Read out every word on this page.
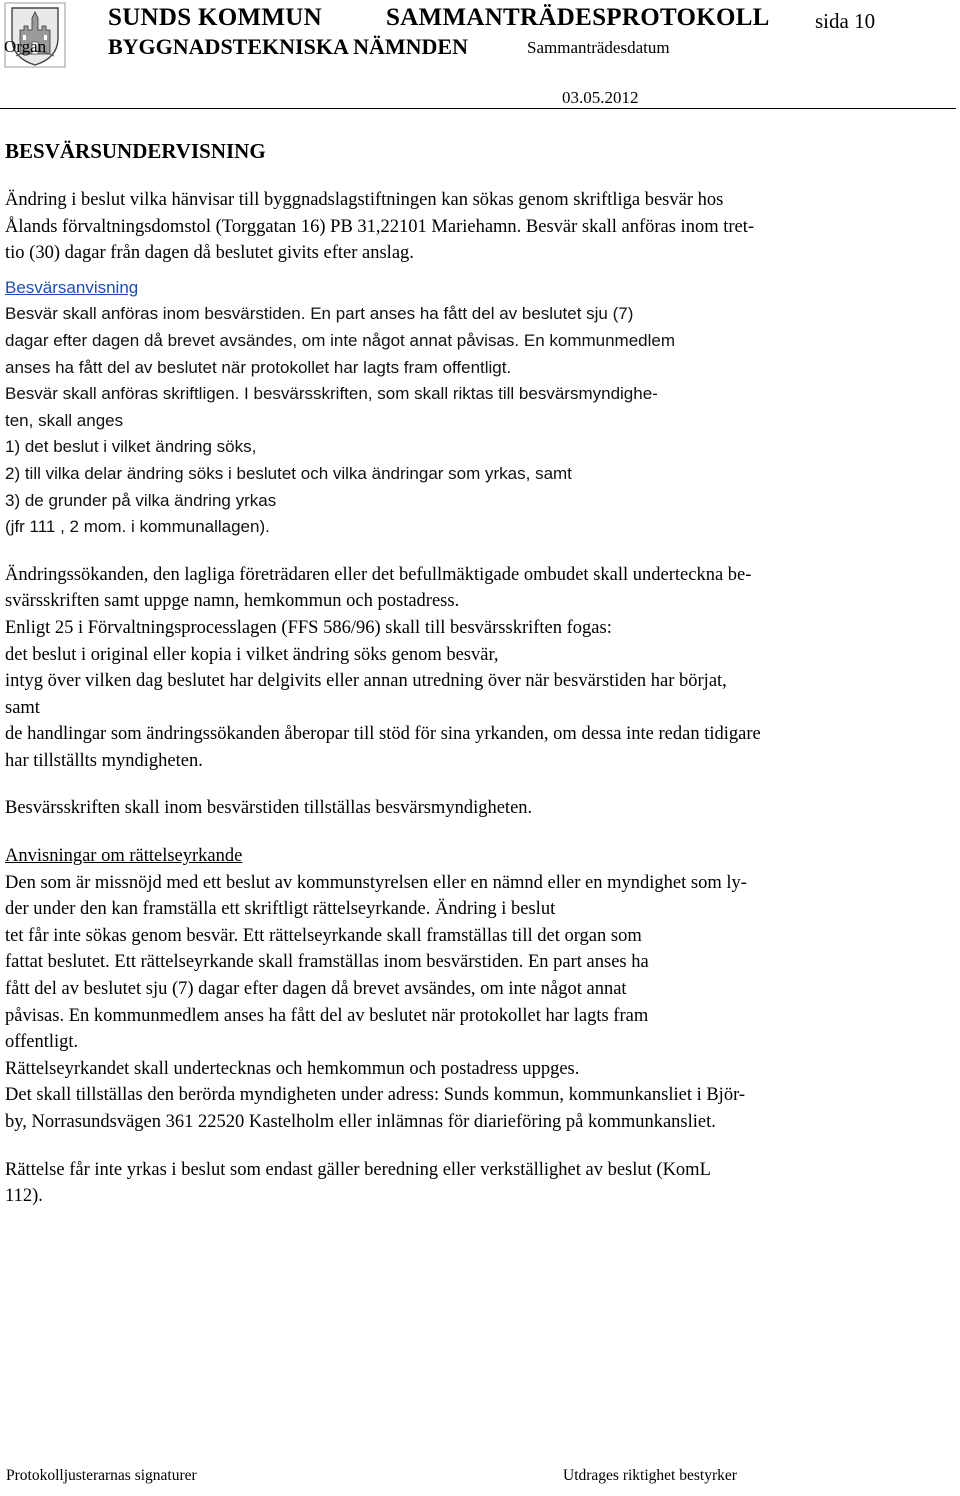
SUNDS KOMMUN	SAMMANTRÄDESPROTOKOLL sida 10
Organ	BYGGNADSTEKNISKA NÄMNDEN	Sammanträdesdatum
03.05.2012
BESVÄRSUNDERVISNING
Ändring i beslut vilka hänvisar till byggnadslagstiftningen kan sökas genom skriftliga besvär hos
Ålands förvaltningsdomstol (Torggatan 16) PB 31,22101 Mariehamn. Besvär skall anföras inom tret-
tio (30) dagar från dagen då beslutet givits efter anslag.
Besvärsanvisning
Besvär skall anföras inom besvärstiden. En part anses ha fått del av beslutet sju (7)
dagar efter dagen då brevet avsändes, om inte något annat påvisas. En kommunmedlem
anses ha fått del av beslutet när protokollet har lagts fram offentligt.
Besvär skall anföras skriftligen. I besvärsskriften, som skall riktas till besvärsmyndighe-
ten, skall anges
1) det beslut i vilket ändring söks,
2) till vilka delar ändring söks i beslutet och vilka ändringar som yrkas, samt
3) de grunder på vilka ändring yrkas
(jfr 111 , 2 mom. i kommunallagen).
Ändringssökanden, den lagliga företrädaren eller det befullmäktigade ombudet skall underteckna be-
svärsskriften samt uppge namn, hemkommun och postadress.
Enligt 25 i Förvaltningsprocesslagen (FFS 586/96) skall till besvärsskriften fogas:
det beslut i original eller kopia i vilket ändring söks genom besvär,
intyg över vilken dag beslutet har delgivits eller annan utredning över när besvärstiden har börjat,
samt
de handlingar som ändringssökanden åberopar till stöd för sina yrkanden, om dessa inte redan tidigare
har tillställts myndigheten.
Besvärsskriften skall inom besvärstiden tillställas besvärsmyndigheten.
Anvisningar om rättelseyrkande
Den som är missnöjd med ett beslut av kommunstyrelsen eller en nämnd eller en myndighet som ly-
der under den kan framställa ett skriftligt rättelseyrkande. Ändring i beslut
tet får inte sökas genom besvär. Ett rättelseyrkande skall framställas till det organ som
fattat beslutet. Ett rättelseyrkande skall framställas inom besvärstiden. En part anses ha
fått del av beslutet sju (7) dagar efter dagen då brevet avsändes, om inte något annat
påvisas. En kommunmedlem anses ha fått del av beslutet när protokollet har lagts fram
offentligt.
Rättelseyrkandet skall undertecknas och hemkommun och postadress uppges.
Det skall tillställas den berörda myndigheten under adress: Sunds kommun, kommunkansliet i Björ-
by, Norrasundsvägen 361 22520 Kastelholm eller inlämnas för diarieföring på kommunkansliet.
Rättelse får inte yrkas i beslut som endast gäller beredning eller verkställighet av beslut (KomL
112).
Protokolljusterarnas signaturer	Utdrages riktighet bestyrker
